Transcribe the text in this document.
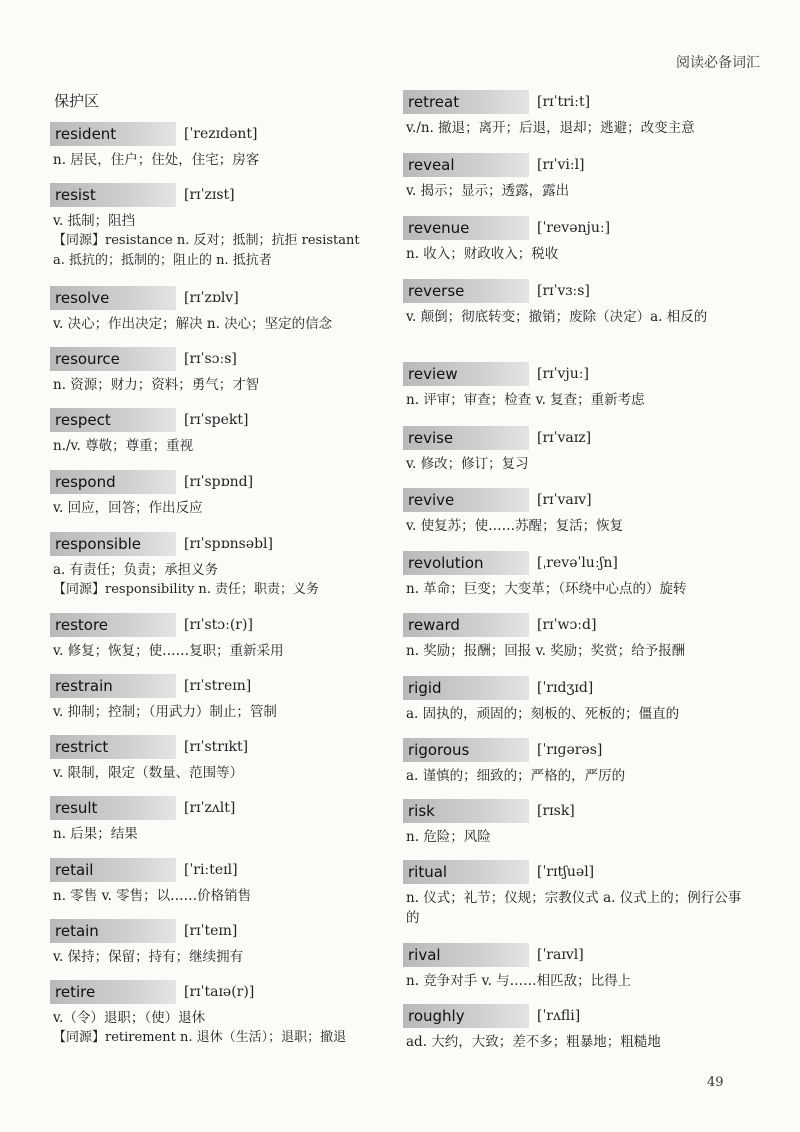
阅读必备词汇
保护区
resident	[ˈrezɪdənt]
n. 居民，住户；住处，住宅；房客
resist	[rɪˈzɪst]
v. 抵制；阻挡
【同源】resistance n. 反对；抵制；抗拒 resistant a. 抵抗的；抵制的；阻止的 n. 抵抗者
resolve	[rɪˈzɒlv]
v. 决心；作出决定；解决 n. 决心；坚定的信念
resource	[rɪˈsɔːs]
n. 资源；财力；资料；勇气；才智
respect	[rɪˈspekt]
n./v. 尊敬；尊重；重视
respond	[rɪˈspɒnd]
v. 回应，回答；作出反应
responsible	[rɪˈspɒnsəbl]
a. 有责任；负责；承担义务
【同源】responsibility n. 责任；职责；义务
restore	[rɪˈstɔː(r)]
v. 修复；恢复；使……复职；重新采用
restrain	[rɪˈstreɪn]
v. 抑制；控制；（用武力）制止；管制
restrict	[rɪˈstrɪkt]
v. 限制，限定（数量、范围等）
result	[rɪˈzʌlt]
n. 后果；结果
retail	[ˈriːteɪl]
n. 零售 v. 零售；以……价格销售
retain	[rɪˈteɪn]
v. 保持；保留；持有；继续拥有
retire	[rɪˈtaɪə(r)]
v.（令）退职；（使）退休
【同源】retirement n. 退休（生活）；退职；撤退
retreat	[rɪˈtriːt]
v./n. 撤退；离开；后退，退却；逃避；改变主意
reveal	[rɪˈviːl]
v. 揭示；显示；透露，露出
revenue	[ˈrevənjuː]
n. 收入；财政收入；税收
reverse	[rɪˈvɜːs]
v. 颠倒；彻底转变；撤销；废除（决定）a. 相反的
review	[rɪˈvjuː]
n. 评审；审查；检查 v. 复查；重新考虑
revise	[rɪˈvaɪz]
v. 修改；修订；复习
revive	[rɪˈvaɪv]
v. 使复苏；使……苏醒；复活；恢复
revolution	[ˌrevəˈluːʃn]
n. 革命；巨变；大变革；（环绕中心点的）旋转
reward	[rɪˈwɔːd]
n. 奖励；报酬；回报 v. 奖励；奖赏；给予报酬
rigid	[ˈrɪdʒɪd]
a. 固执的，顽固的；刻板的、死板的；僵直的
rigorous	[ˈrɪɡərəs]
a. 谨慎的；细致的；严格的，严厉的
risk	[rɪsk]
n. 危险；风险
ritual	[ˈrɪtʃuəl]
n. 仪式；礼节；仪规；宗教仪式 a. 仪式上的；例行公事的
rival	[ˈraɪvl]
n. 竞争对手 v. 与……相匹敌；比得上
roughly	[ˈrʌfli]
ad. 大约，大致；差不多；粗暴地；粗糙地
49
